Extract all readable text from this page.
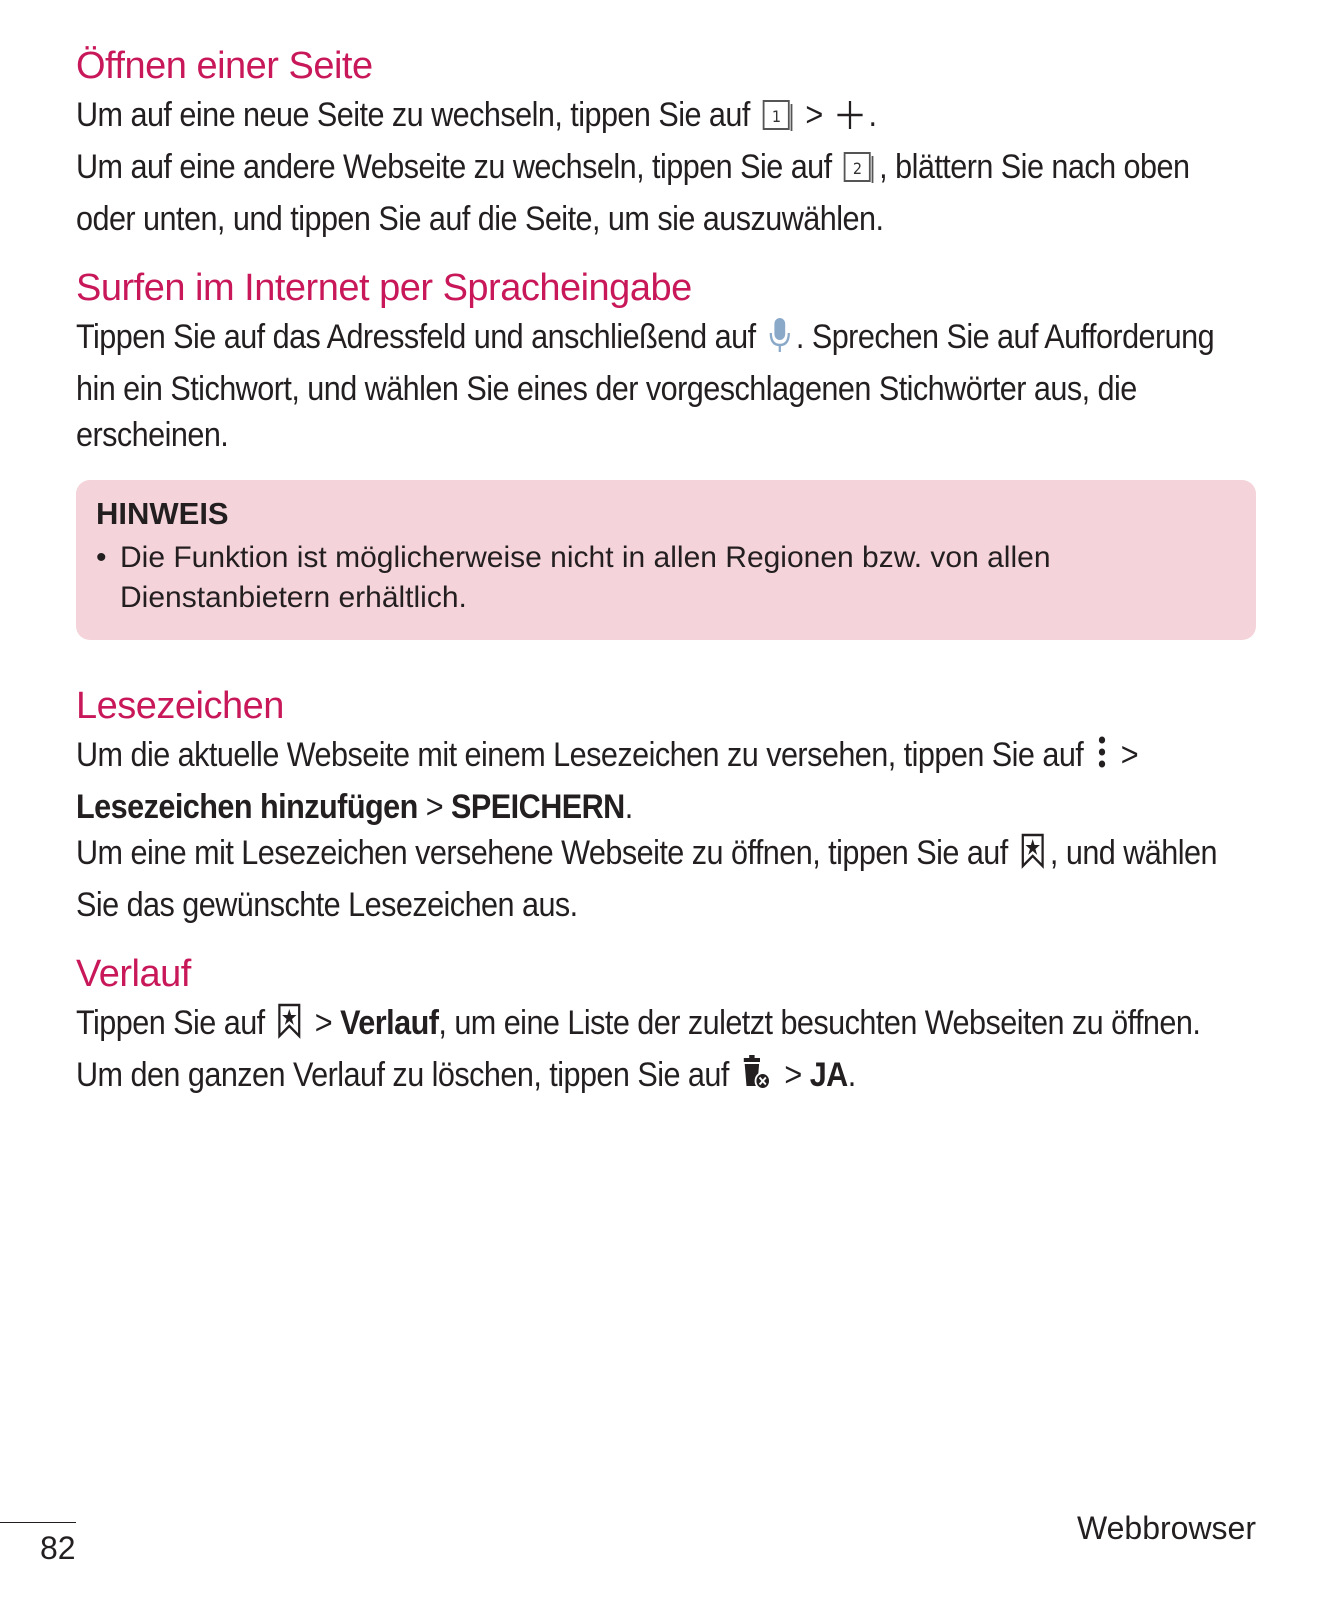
Öffnen einer Seite

Um auf eine neue Seite zu wechseln, tippen Sie auf 1 > .

Um auf eine andere Webseite zu wechseln, tippen Sie auf 2 , blättern Sie nach oben oder unten, und tippen Sie auf die Seite, um sie auszuwählen.

Surfen im Internet per Spracheingabe

Tippen Sie auf das Adressfeld und anschließend auf . Sprechen Sie auf Aufforderung hin ein Stichwort, und wählen Sie eines der vorgeschlagenen Stichwörter aus, die erscheinen.

HINWEIS
• Die Funktion ist möglicherweise nicht in allen Regionen bzw. von allen Dienstanbietern erhältlich.
Lesezeichen

Um die aktuelle Webseite mit einem Lesezeichen zu versehen, tippen Sie auf > Lesezeichen hinzufügen > SPEICHERN.

Um eine mit Lesezeichen versehene Webseite zu öffnen, tippen Sie auf , und wählen Sie das gewünschte Lesezeichen aus.

Verlauf

Tippen Sie auf > Verlauf, um eine Liste der zuletzt besuchten Webseiten zu öffnen.

Um den ganzen Verlauf zu löschen, tippen Sie auf > JA.

82
Webbrowser
